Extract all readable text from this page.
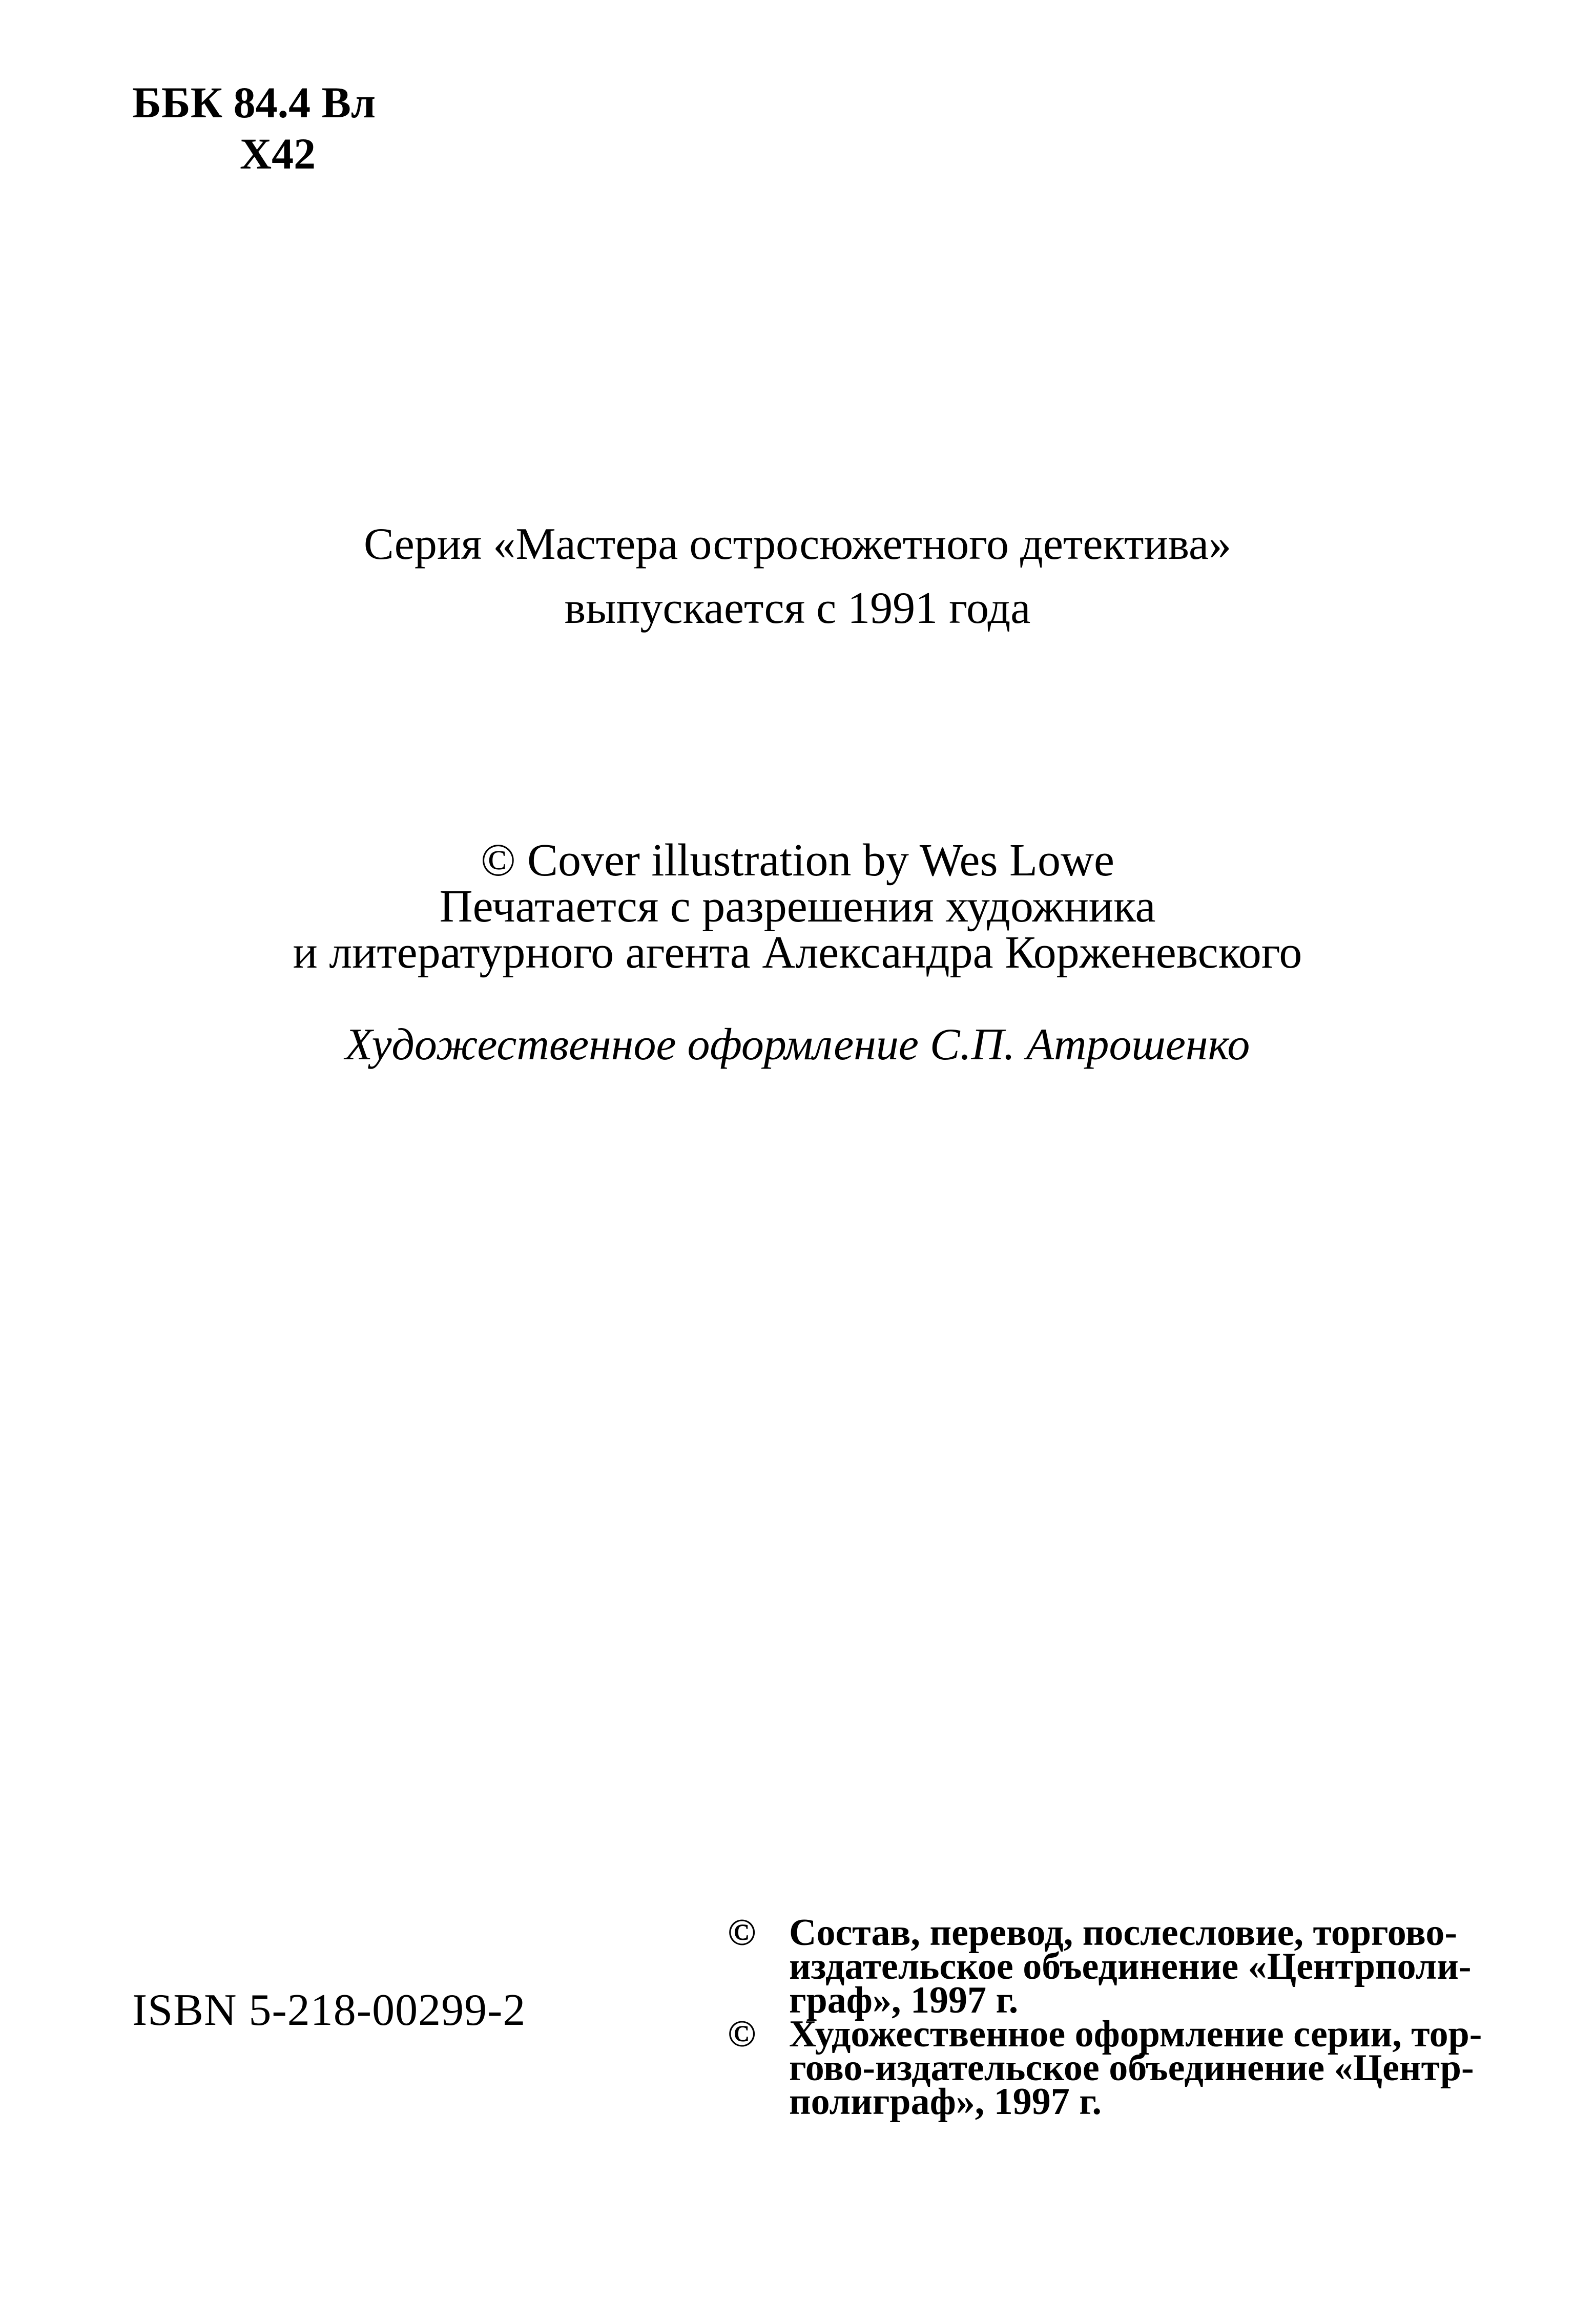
ББК 84.4 Вл
Х42
Серия «Мастера остросюжетного детектива»
выпускается с 1991 года
© Cover illustration by Wes Lowe
Печатается с разрешения художника
и литературного агента Александра Корженевского
Художественное оформление С.П. Атрошенко
ISBN 5-218-00299-2
© Состав, перевод, послесловие, торгово-
издательское объединение «Центрполи-
граф», 1997 г.
© Художественное оформление серии, тор-
гово-издательское объединение «Центр-
полиграф», 1997 г.
